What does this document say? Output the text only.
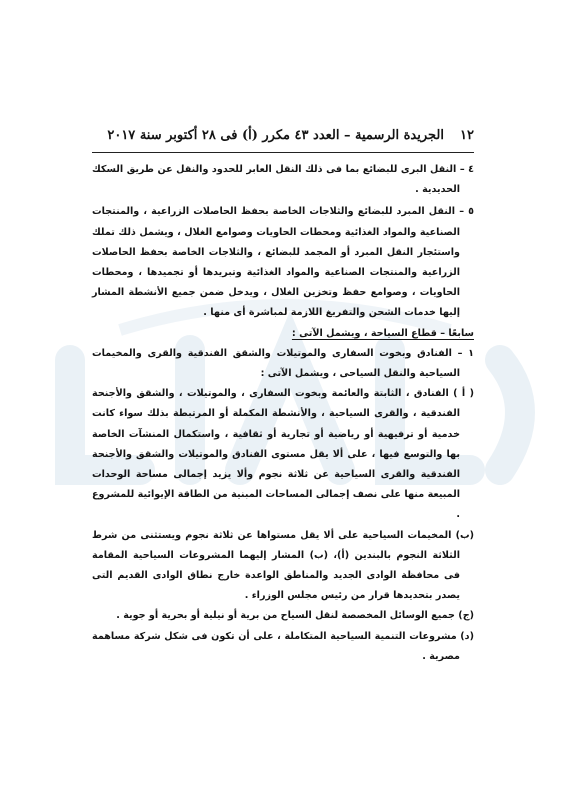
١٢
الجريدة الرسمية – العدد ٤٣ مكرر (أ) فى ٢٨ أكتوبر سنة ٢٠١٧

٤ – النقل البرى للبضائع بما فى ذلك النقل العابر للحدود والنقل عن طريق السكك الحديدية .

٥ – النقل المبرد للبضائع والثلاجات الخاصة بحفظ الحاصلات الزراعية ، والمنتجات الصناعية والمواد الغذائية ومحطات الحاويات وصوامع الغلال ، ويشمل ذلك تملك واستئجار النقل المبرد أو المجمد للبضائع ، والثلاجات الخاصة بحفظ الحاصلات الزراعية والمنتجات الصناعية والمواد الغذائية وتبريدها أو تجميدها ، ومحطات الحاويات ، وصوامع حفظ وتخزين الغلال ، ويدخل ضمن جميع الأنشطة المشار إليها خدمات الشحن والتفريغ اللازمة لمباشرة أى منها .

سابعًا – قطاع السياحة ، ويشمل الآتى :

١ – الفنادق وبخوت السفارى والموتيلات والشقق الفندقية والقرى والمخيمات السياحية والنقل السياحى ، ويشمل الآتى :

( أ ) الفنادق ، الثابتة والعائمة وبخوت السفارى ، والموتيلات ، والشقق والأجنحة الفندقية ، والقرى السياحية ، والأنشطة المكملة أو المرتبطة بذلك سواء كانت خدمية أو ترفيهية أو رياضية أو تجارية أو ثقافية ، واستكمال المنشآت الخاصة بها والتوسع فيها ، على ألا يقل مستوى الفنادق والموتيلات والشقق والأجنحة الفندقية والقرى السياحية عن ثلاثة نجوم وألا يزيد إجمالى مساحة الوحدات المبيعة منها على نصف إجمالى المساحات المبنية من الطاقة الإيوائية للمشروع .

(ب) المخيمات السياحية على ألا يقل مستواها عن ثلاثة نجوم ويستثنى من شرط الثلاثة النجوم بالبندين (أ)، (ب) المشار إليهما المشروعات السياحية المقامة فى محافظة الوادى الجديد والمناطق الواعدة خارج نطاق الوادى القديم التى يصدر بتحديدها قرار من رئيس مجلس الوزراء .

(ج) جميع الوسائل المخصصة لنقل السياح من برية أو نيلية أو بحرية أو جوية .

(د) مشروعات التنمية السياحية المتكاملة ، على أن تكون فى شكل شركة مساهمة مصرية .
